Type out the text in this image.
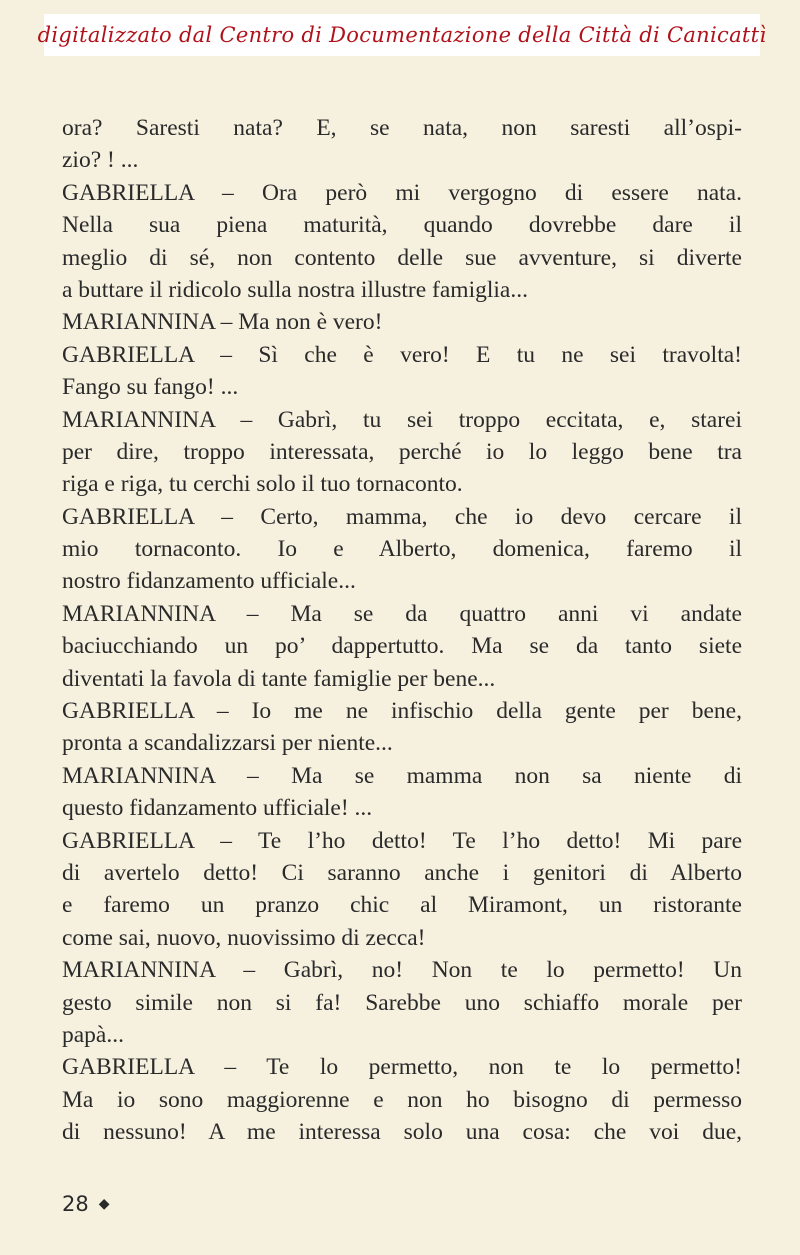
digitalizzato dal Centro di Documentazione della Città di Canicattì
ora? Saresti nata? E, se nata, non saresti all’ospi-
zio? ! ...
GABRIELLA – Ora però mi vergogno di essere nata.
Nella sua piena maturità, quando dovrebbe dare il
meglio di sé, non contento delle sue avventure, si diverte
a buttare il ridicolo sulla nostra illustre famiglia...
MARIANNINA – Ma non è vero!
GABRIELLA – Sì che è vero! E tu ne sei travolta!
Fango su fango! ...
MARIANNINA – Gabrì, tu sei troppo eccitata, e, starei
per dire, troppo interessata, perché io lo leggo bene tra
riga e riga, tu cerchi solo il tuo tornaconto.
GABRIELLA – Certo, mamma, che io devo cercare il
mio tornaconto. Io e Alberto, domenica, faremo il
nostro fidanzamento ufficiale...
MARIANNINA – Ma se da quattro anni vi andate
baciucchiando un po’ dappertutto. Ma se da tanto siete
diventati la favola di tante famiglie per bene...
GABRIELLA – Io me ne infischio della gente per bene,
pronta a scandalizzarsi per niente...
MARIANNINA – Ma se mamma non sa niente di
questo fidanzamento ufficiale! ...
GABRIELLA – Te l’ho detto! Te l’ho detto! Mi pare
di avertelo detto! Ci saranno anche i genitori di Alberto
e faremo un pranzo chic al Miramont, un ristorante
come sai, nuovo, nuovissimo di zecca!
MARIANNINA – Gabrì, no! Non te lo permetto! Un
gesto simile non si fa! Sarebbe uno schiaffo morale per
papà...
GABRIELLA – Te lo permetto, non te lo permetto!
Ma io sono maggiorenne e non ho bisogno di permesso
di nessuno! A me interessa solo una cosa: che voi due,
28 ◆
